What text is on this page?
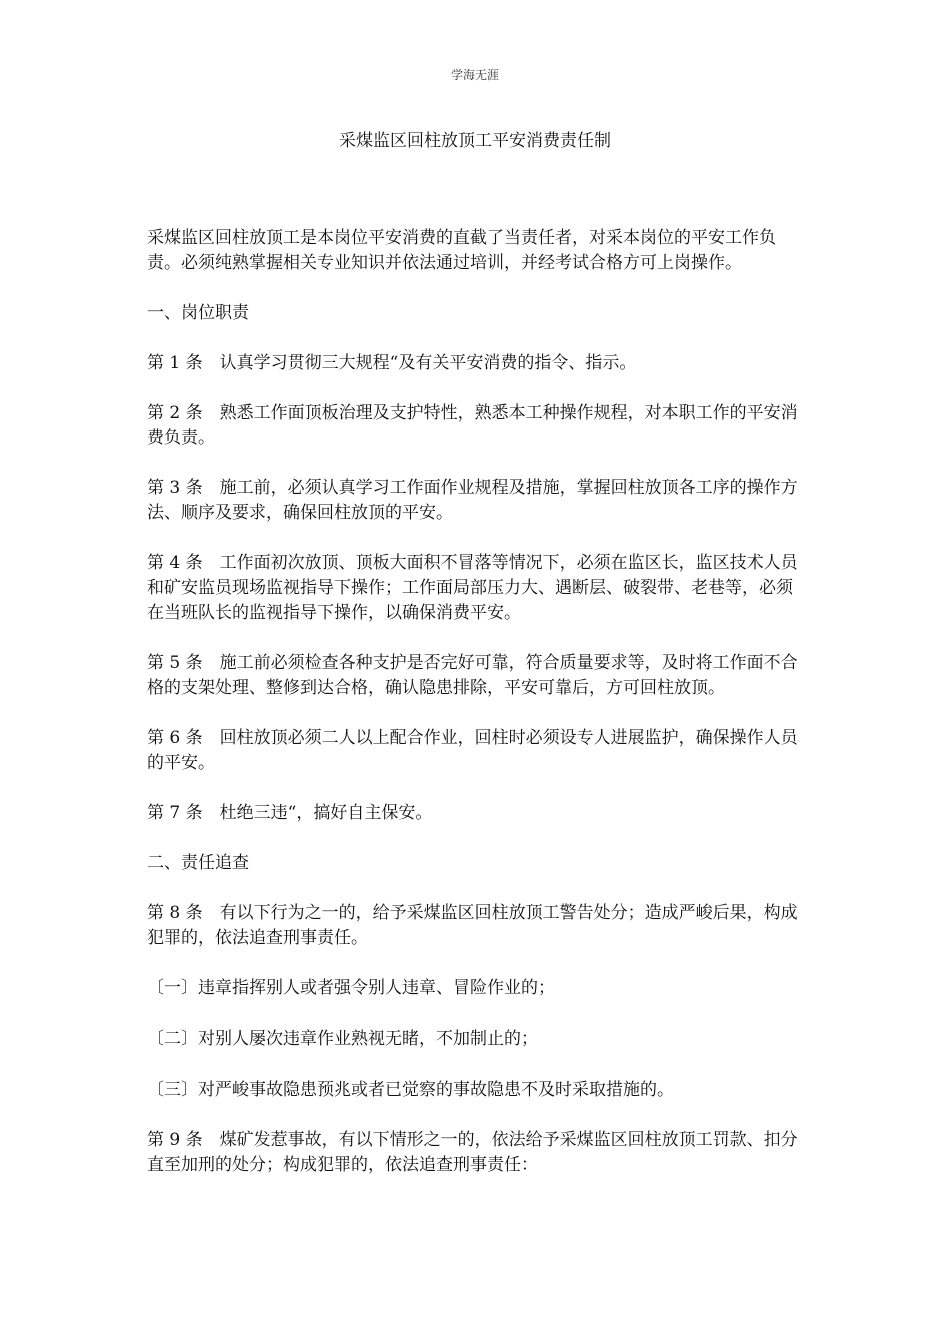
学海无涯
采煤监区回柱放顶工平安消费责任制

采煤监区回柱放顶工是本岗位平安消费的直截了当责任者，对采本岗位的平安工作负责。必须纯熟掌握相关专业知识并依法通过培训，并经考试合格方可上岗操作。

一、岗位职责

第 1 条　认真学习贯彻三大规程“及有关平安消费的指令、指示。

第 2 条　熟悉工作面顶板治理及支护特性，熟悉本工种操作规程，对本职工作的平安消费负责。

第 3 条　施工前，必须认真学习工作面作业规程及措施，掌握回柱放顶各工序的操作方法、顺序及要求，确保回柱放顶的平安。

第 4 条　工作面初次放顶、顶板大面积不冒落等情况下，必须在监区长，监区技术人员和矿安监员现场监视指导下操作；工作面局部压力大、遇断层、破裂带、老巷等，必须在当班队长的监视指导下操作，以确保消费平安。

第 5 条　施工前必须检查各种支护是否完好可靠，符合质量要求等，及时将工作面不合格的支架处理、整修到达合格，确认隐患排除，平安可靠后，方可回柱放顶。

第 6 条　回柱放顶必须二人以上配合作业，回柱时必须设专人进展监护，确保操作人员的平安。

第 7 条　杜绝三违“，搞好自主保安。

二、责任追查

第 8 条　有以下行为之一的，给予采煤监区回柱放顶工警告处分；造成严峻后果，构成犯罪的，依法追查刑事责任。

〔一〕违章指挥别人或者强令别人违章、冒险作业的；

〔二〕对别人屡次违章作业熟视无睹，不加制止的；

〔三〕对严峻事故隐患预兆或者已觉察的事故隐患不及时采取措施的。

第 9 条　煤矿发惹事故，有以下情形之一的，依法给予采煤监区回柱放顶工罚款、扣分直至加刑的处分；构成犯罪的，依法追查刑事责任：
